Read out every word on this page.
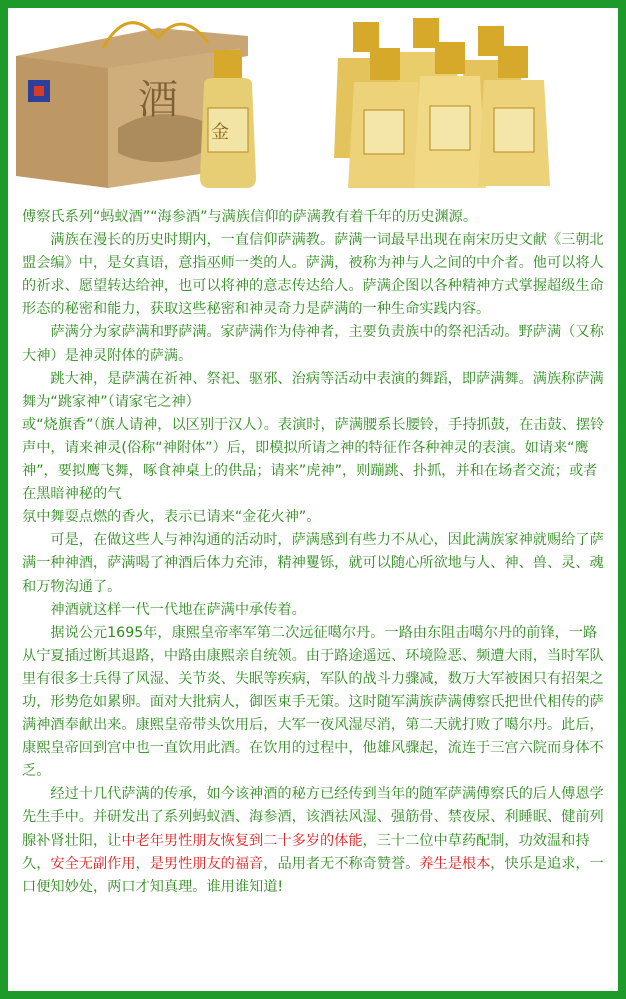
酒
金

傅察氏系列“蚂蚁酒”“海参酒”与满族信仰的萨满教有着千年的历史渊源。

满族在漫长的历史时期内，一直信仰萨满教。萨满一词最早出现在南宋历史文献《三朝北盟会编》中，是女真语，意指巫师一类的人。萨满，被称为神与人之间的中介者。他可以将人的祈求、愿望转达给神，也可以将神的意志传达给人。萨满企图以各种精神方式掌握超级生命形态的秘密和能力，获取这些秘密和神灵奇力是萨满的一种生命实践内容。

萨满分为家萨满和野萨满。家萨满作为侍神者，主要负责族中的祭祀活动。野萨满（又称大神）是神灵附体的萨满。

跳大神，是萨满在祈神、祭祀、驱邪、治病等活动中表演的舞蹈，即萨满舞。满族称萨满舞为“跳家神”（请家宅之神）

或“烧旗香”（旗人请神，以区别于汉人）。表演时，萨满腰系长腰铃，手持抓鼓，在击鼓、摆铃声中，请来神灵(俗称“神附体”）后，即模拟所请之神的特征作各种神灵的表演。如请来“鹰神”，要拟鹰飞舞，啄食神桌上的供品；请来”虎神”，则蹦跳、扑抓，并和在场者交流；或者在黑暗神秘的气

氛中舞耍点燃的香火，表示已请来“金花火神”。

可是，在做这些人与神沟通的活动时，萨满感到有些力不从心，因此满族家神就赐给了萨满一种神酒，萨满喝了神酒后体力充沛，精神矍铄，就可以随心所欲地与人、神、兽、灵、魂和万物沟通了。

神酒就这样一代一代地在萨满中承传着。

据说公元1695年，康熙皇帝率军第二次远征噶尔丹。一路由东阻击噶尔丹的前锋，一路从宁夏插过断其退路，中路由康熙亲自统领。由于路途遥远、环境险恶、频遭大雨，当时军队里有很多士兵得了风湿、关节炎、失眠等疾病，军队的战斗力骤减，数万大军被困只有招架之功，形势危如累卵。面对大批病人，御医束手无策。这时随军满族萨满傅察氏把世代相传的萨满神酒奉献出来。康熙皇帝带头饮用后，大军一夜风湿尽消，第二天就打败了噶尔丹。此后，康熙皇帝回到宫中也一直饮用此酒。在饮用的过程中，他雄风骤起，流连于三宫六院而身体不乏。

经过十几代萨满的传承，如今该神酒的秘方已经传到当年的随军萨满傅察氏的后人傅恩学先生手中。并研发出了系列蚂蚁酒、海参酒，该酒祛风湿、强筋骨、禁夜尿、利睡眠、健前列腺补肾壮阳，让中老年男性朋友恢复到二十多岁的体能，三十二位中草药配制，功效温和持久，安全无副作用，是男性朋友的福音，品用者无不称奇赞誉。养生是根本，快乐是追求，一口便知妙处，两口才知真理。谁用谁知道!
